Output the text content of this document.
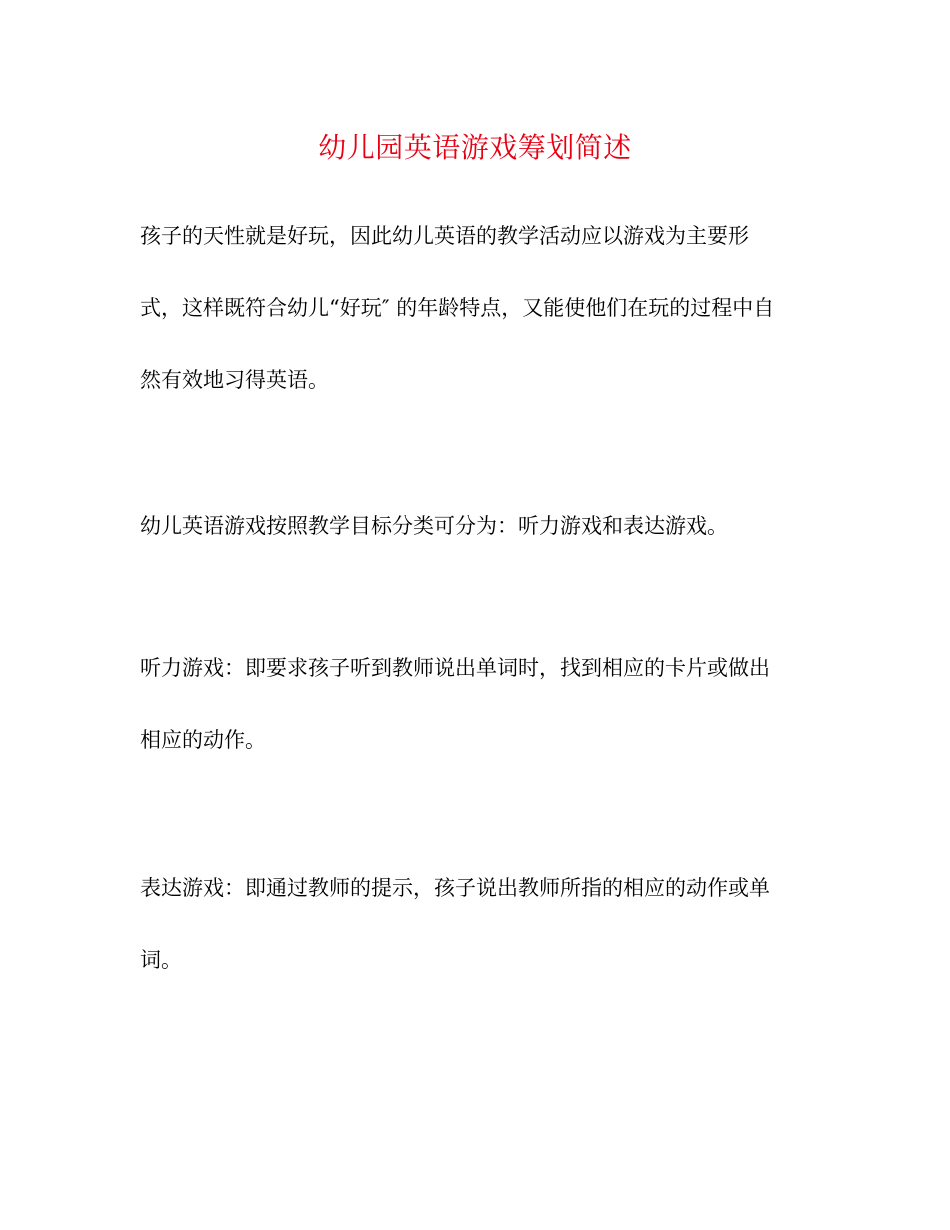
幼儿园英语游戏筹划简述
孩子的天性就是好玩，因此幼儿英语的教学活动应以游戏为主要形
式，这样既符合幼儿“好玩″ 的年龄特点，又能使他们在玩的过程中自
然有效地习得英语。
幼儿英语游戏按照教学目标分类可分为：听力游戏和表达游戏。
听力游戏：即要求孩子听到教师说出单词时，找到相应的卡片或做出
相应的动作。
表达游戏：即通过教师的提示，孩子说出教师所指的相应的动作或单
词。
